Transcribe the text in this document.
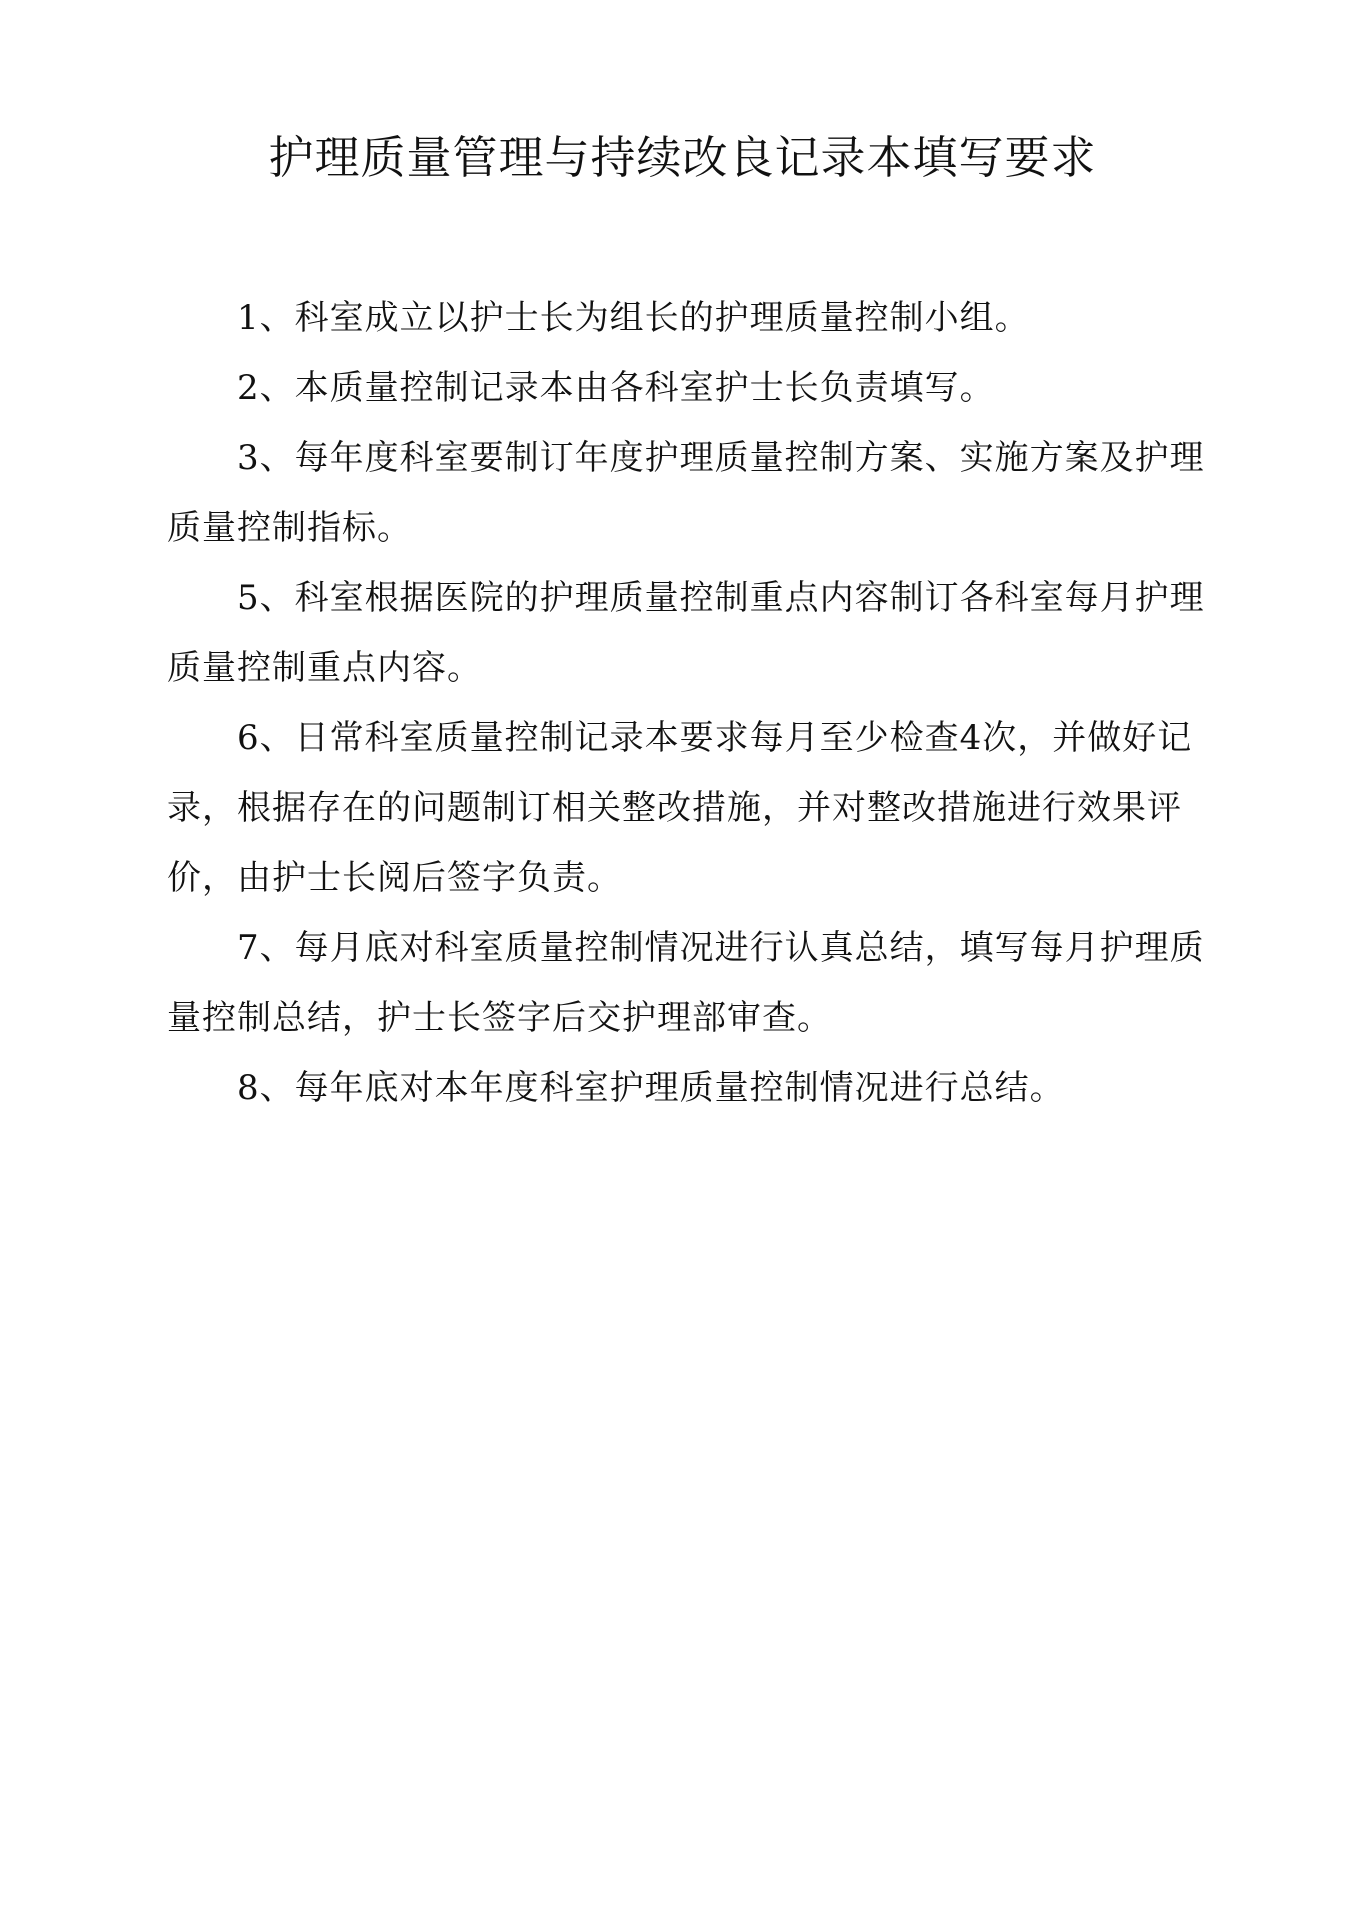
护理质量管理与持续改良记录本填写要求

1、科室成立以护士长为组长的护理质量控制小组。

2、本质量控制记录本由各科室护士长负责填写。

3、每年度科室要制订年度护理质量控制方案、实施方案及护理质量控制指标。

5、科室根据医院的护理质量控制重点内容制订各科室每月护理质量控制重点内容。

6、日常科室质量控制记录本要求每月至少检查4次，并做好记录，根据存在的问题制订相关整改措施，并对整改措施进行效果评价，由护士长阅后签字负责。

7、每月底对科室质量控制情况进行认真总结，填写每月护理质量控制总结，护士长签字后交护理部审查。

8、每年底对本年度科室护理质量控制情况进行总结。
